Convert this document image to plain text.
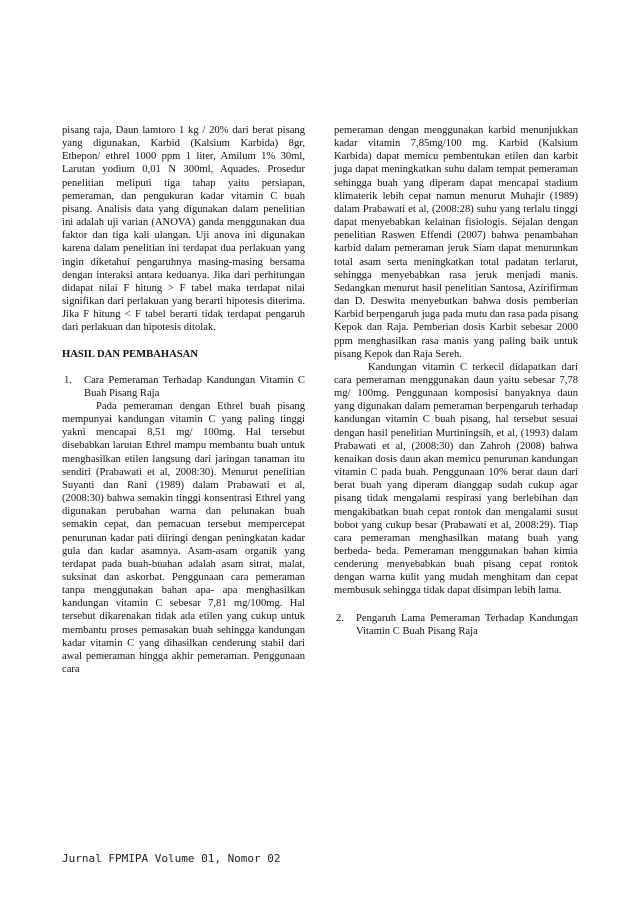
pisang raja, Daun lamtoro 1 kg / 20% dari berat pisang yang digunakan, Karbid (Kalsium Karbida) 8gr, Ethepon/ ethrel 1000 ppm 1 liter, Amilum 1% 30ml, Larutan yodium 0,01 N 300ml, Aquades. Prosedur penelitian meliputi tiga tahap yaitu persiapan, pemeraman, dan pengukuran kadar vitamin C buah pisang. Analisis data yang digunakan dalam penelitian ini adalah uji varian (ANOVA) ganda menggunakan dua faktor dan tiga kali ulangan. Uji anova ini digunakan karena dalam penelitian ini terdapat dua perlakuan yang ingin diketahui pengaruhnya masing-masing bersama dengan interaksi antara keduanya. Jika dari perhitungan didapat nilai F hitung > F tabel maka terdapat nilai signifikan dari perlakuan yang berarti hipotesis diterima. Jika F hitung < F tabel berarti tidak terdapat pengaruh dari perlakuan dan hipotesis ditolak.

HASIL DAN PEMBAHASAN

1.	Cara Pemeraman Terhadap Kandungan Vitamin C Buah Pisang Raja

Pada pemeraman dengan Ethrel buah pisang mempunyai kandungan vitamin C yang paling tinggi yakni mencapai 8,51 mg/ 100mg. Hal tersebut disebabkan larutan Ethrel mampu membantu buah untuk menghasilkan etilen langsung dari jaringan tanaman itu sendiri (Prabawati et al, 2008:30). Menurut penelitian Suyanti dan Rani (1989) dalam Prabawati et al, (2008:30) bahwa semakin tinggi konsentrasi Ethrel yang digunakan perubahan warna dan pelunakan buah semakin cepat, dan pemacuan tersebut mempercepat penurunan kadar pati diiringi dengan peningkatan kadar gula dan kadar asamnya. Asam-asam organik yang terdapat pada buah-buahan adalah asam sitrat, malat, suksinat dan askorbat. Penggunaan cara pemeraman tanpa menggunakan bahan apa- apa menghasilkan kandungan vitamin C sebesar 7,81 mg/100mg. Hal tersebut dikarenakan tidak ada etilen yang cukup untuk membantu proses pemasakan buah sehingga kandungan kadar vitamin C yang dihasilkan cenderung stabil dari awal pemeraman hingga akhir pemeraman. Penggunaan cara

pemeraman dengan menggunakan karbid menunjukkan kadar vitamin 7,85mg/100 mg. Karbid (Kalsium Karbida) dapat memicu pembentukan etilen dan karbit juga dapat meningkatkan suhu dalam tempat pemeraman sehingga buah yang diperam dapat mencapai stadium klimaterik lebih cepat namun menurut Muhajir (1989) dalam Prabawati et al, (2008:28) suhu yang terlalu tinggi dapat menyebabkan kelainan fisiologis. Sejalan dengan penelitian Raswen Effendi (2007) bahwa penambahan karbid dalam pemeraman jeruk Siam dapat menurunkan total asam serta meningkatkan total padatan terlarut, sehingga menyebabkan rasa jeruk menjadi manis. Sedangkan menurut hasil penelitian Santosa, Azirifirman dan D. Deswita menyebutkan bahwa dosis pemberian Karbid berpengaruh juga pada mutu dan rasa pada pisang Kepok dan Raja. Pemberian dosis Karbit sebesar 2000 ppm menghasilkan rasa manis yang paling baik untuk pisang Kepok dan Raja Sereh.

Kandungan vitamin C terkecil didapatkan dari cara pemeraman menggunakan daun yaitu sebesar 7,78 mg/ 100mg. Penggunaan komposisi banyaknya daun yang digunakan dalam pemeraman berpengaruh terhadap kandungan vitamin C buah pisang, hal tersebut sesuai dengan hasil penelitian Murtiningsih, et al, (1993) dalam Prabawati et al, (2008:30) dan Zahroh (2008) bahwa kenaikan dosis daun akan memicu penurunan kandungan vitamin C pada buah. Penggunaan 10% berat daun dari berat buah yang diperam dianggap sudah cukup agar pisang tidak mengalami respirasi yang berlebihan dan mengakibatkan buah cepat rontok dan mengalami susut bobot yang cukup besar (Prabawati et al, 2008:29). Tiap cara pemeraman menghasilkan matang buah yang berbeda- beda. Pemeraman menggunakan bahan kimia cenderung menyebabkan buah pisang cepat rontok dengan warna kulit yang mudah menghitam dan cepat membusuk sehingga tidak dapat disimpan lebih lama.

2.	Pengaruh Lama Pemeraman Terhadap Kandungan Vitamin C Buah Pisang Raja
Jurnal FPMIPA Volume 01, Nomor 02
